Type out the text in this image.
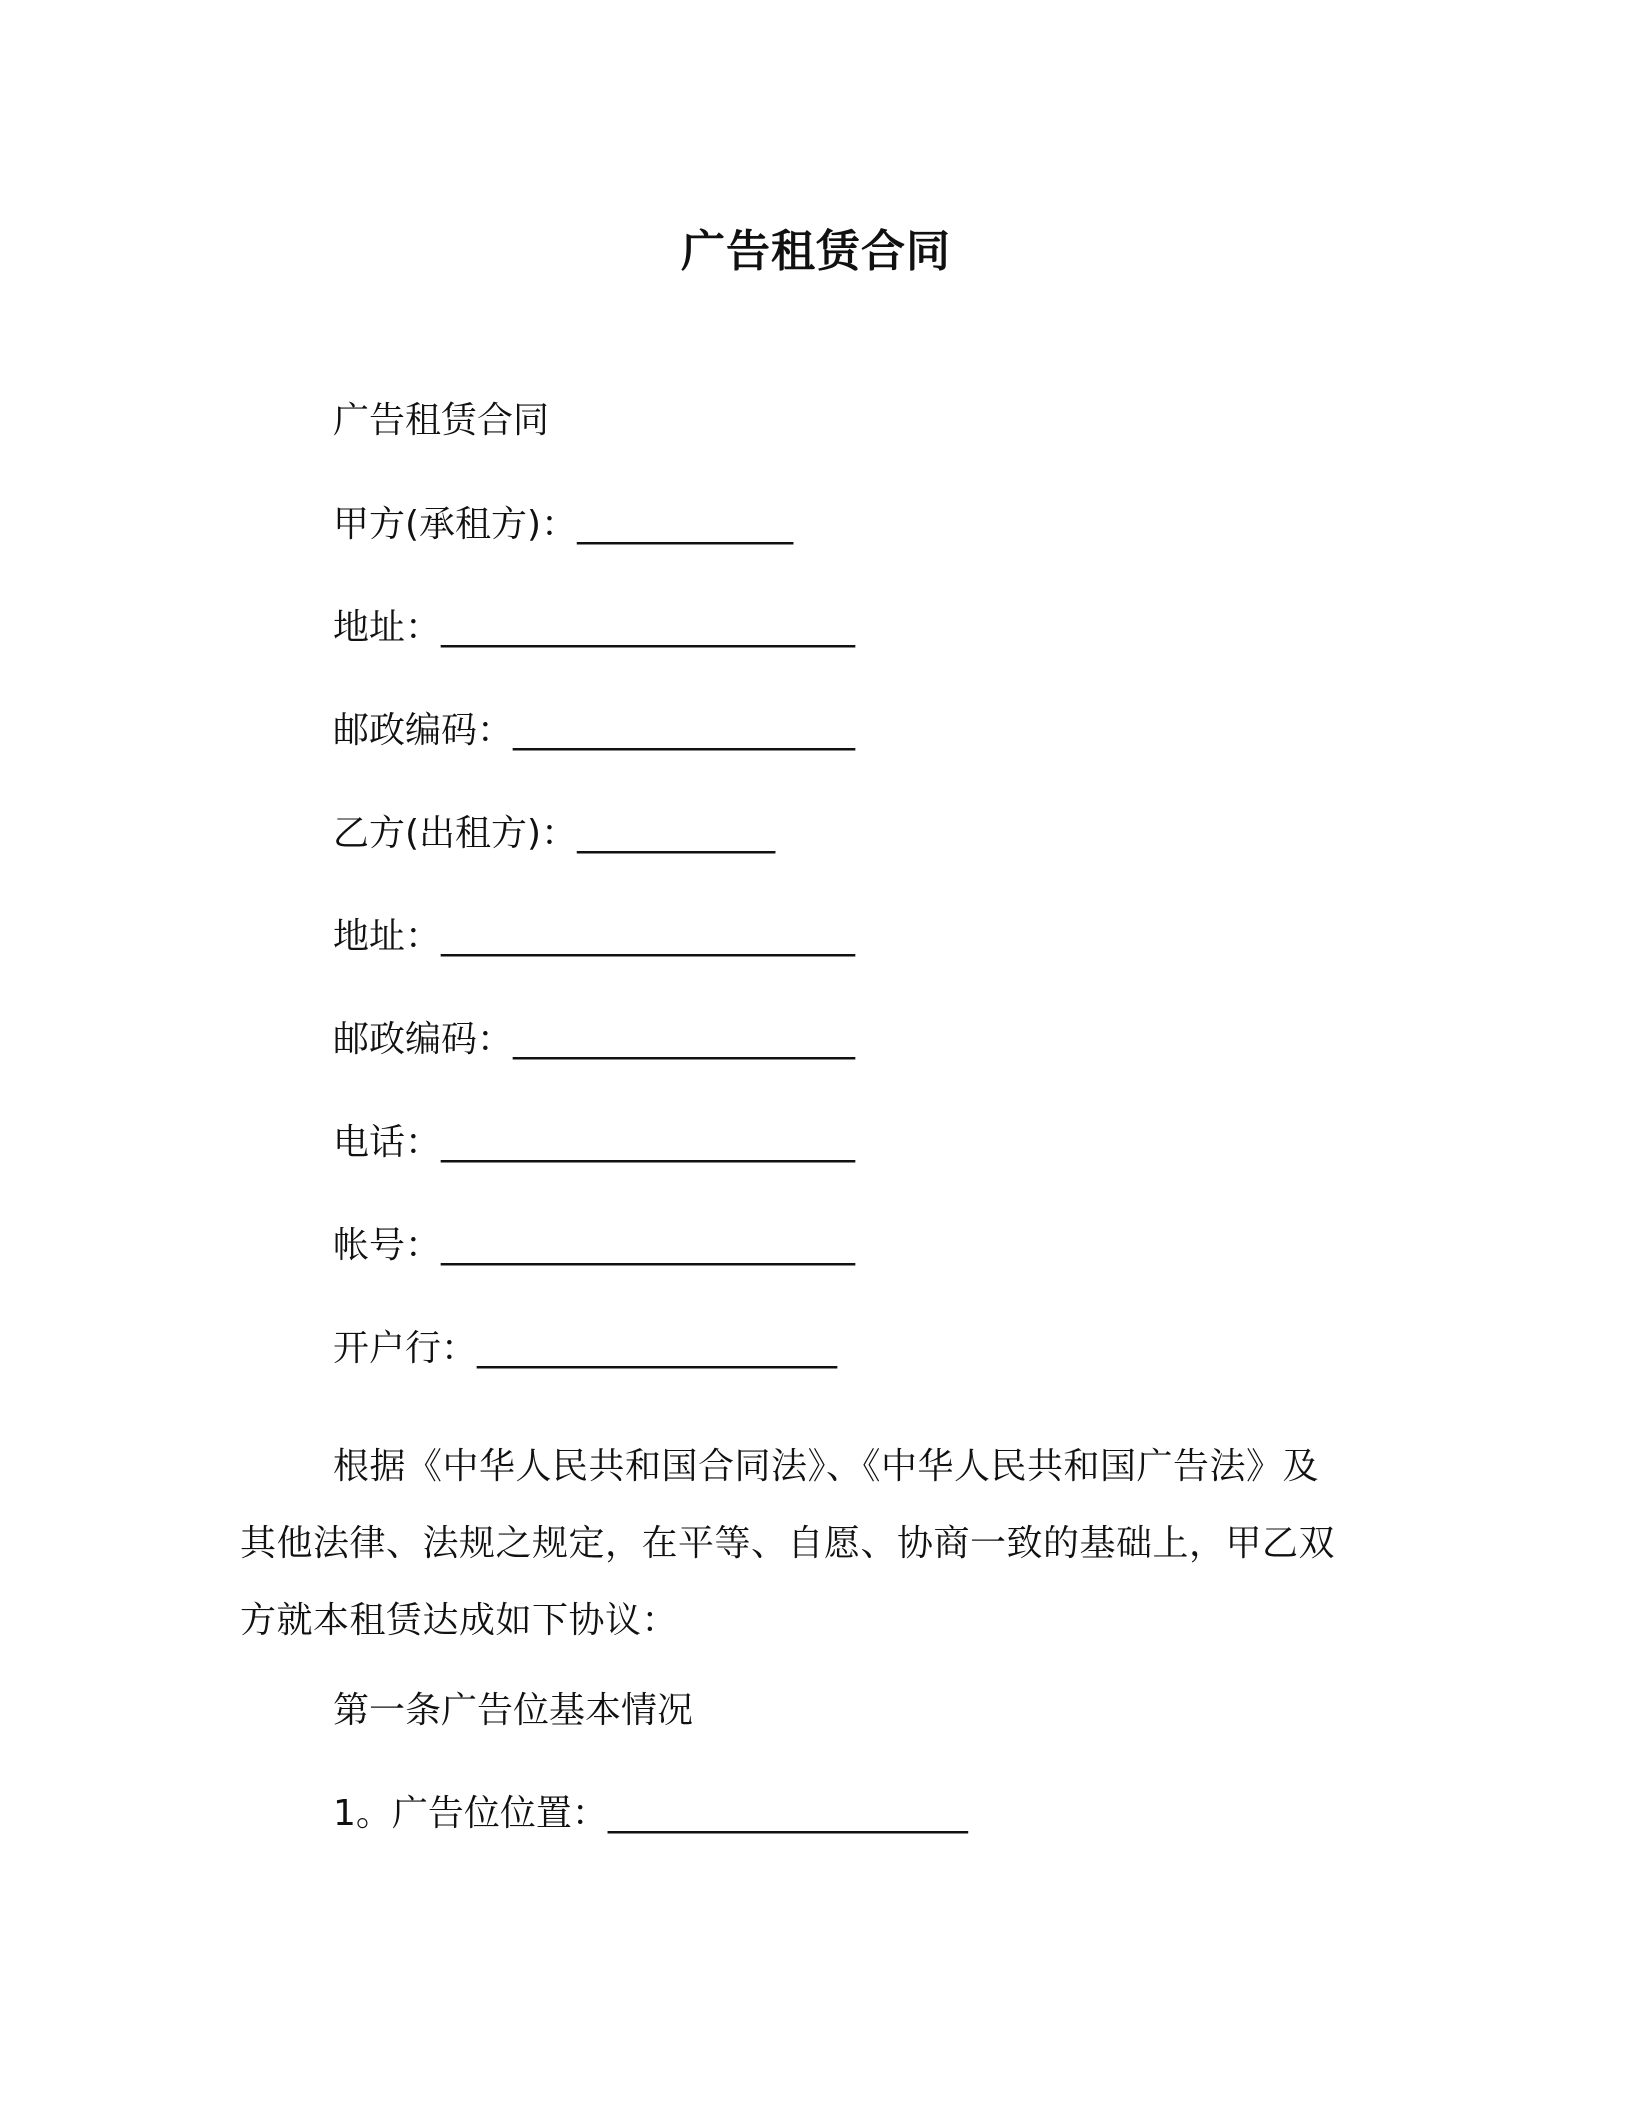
广告租赁合同
广告租赁合同
甲方(承租方)：____________
地址：_______________________
邮政编码：___________________
乙方(出租方)：___________
地址：_______________________
邮政编码：___________________
电话：_______________________
帐号：_______________________
开户行：____________________
根据《中华人民共和国合同法》、《中华人民共和国广告法》及
其他法律、法规之规定，在平等、自愿、协商一致的基础上，甲乙双
方就本租赁达成如下协议：
第一条广告位基本情况
1。广告位位置：____________________
